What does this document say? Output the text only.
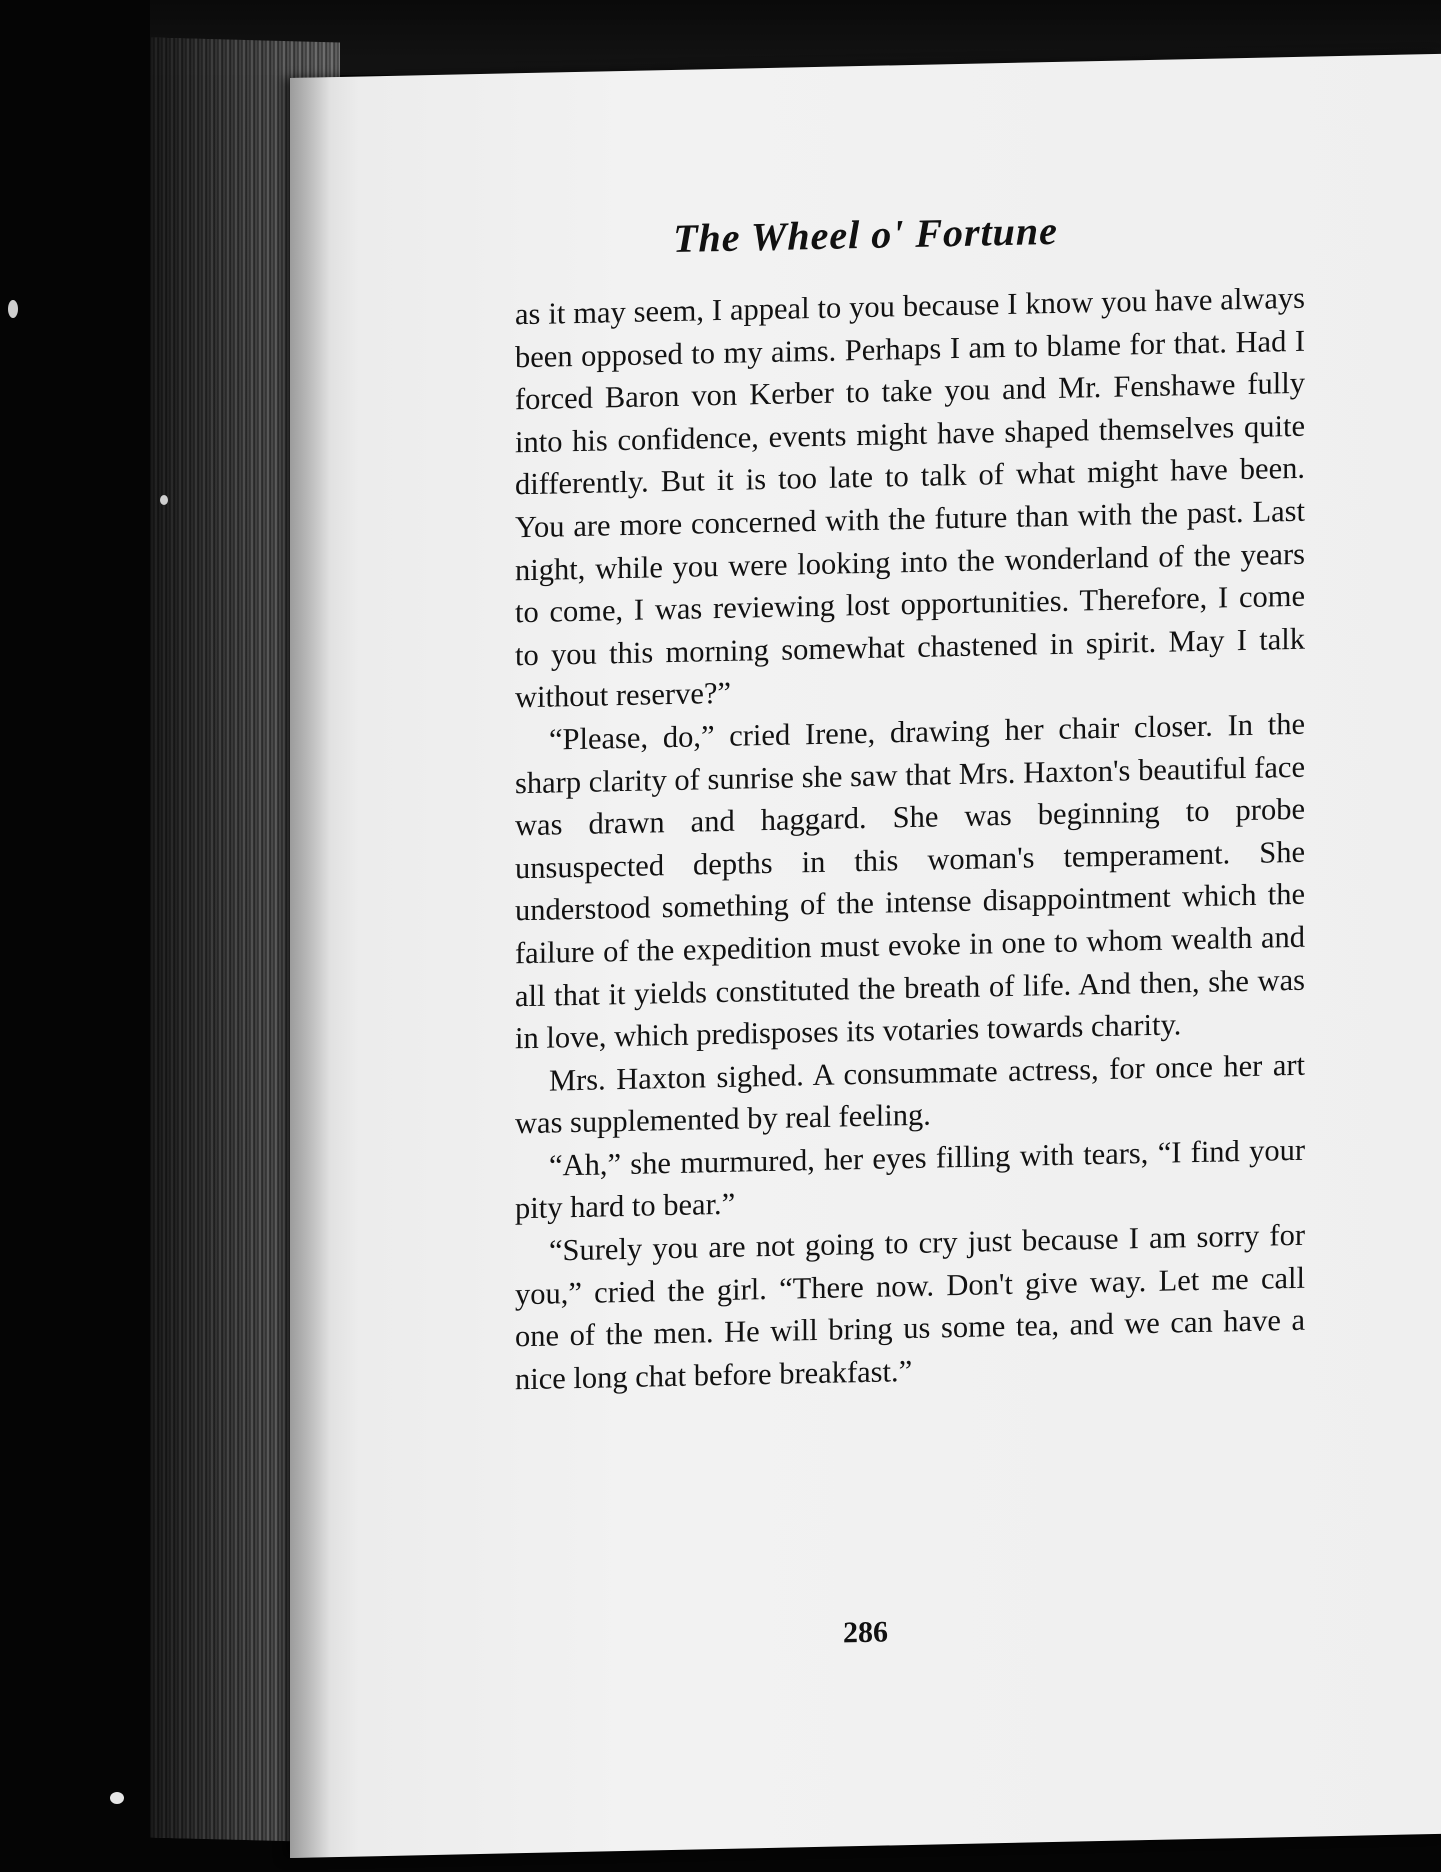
The Wheel o' Fortune

as it may seem, I appeal to you because I know you have always been opposed to my aims. Perhaps I am to blame for that. Had I forced Baron von Kerber to take you and Mr. Fenshawe fully into his confidence, events might have shaped themselves quite differently. But it is too late to talk of what might have been. You are more concerned with the future than with the past. Last night, while you were looking into the wonderland of the years to come, I was reviewing lost opportunities. Therefore, I come to you this morning somewhat chastened in spirit. May I talk without reserve?”

“Please, do,” cried Irene, drawing her chair closer. In the sharp clarity of sunrise she saw that Mrs. Haxton's beautiful face was drawn and haggard. She was beginning to probe unsuspected depths in this woman's temperament. She understood something of the intense disappointment which the failure of the expedition must evoke in one to whom wealth and all that it yields constituted the breath of life. And then, she was in love, which predisposes its votaries towards charity.

Mrs. Haxton sighed. A consummate actress, for once her art was supplemented by real feeling.

“Ah,” she murmured, her eyes filling with tears, “I find your pity hard to bear.”

“Surely you are not going to cry just because I am sorry for you,” cried the girl. “There now. Don't give way. Let me call one of the men. He will bring us some tea, and we can have a nice long chat before breakfast.”

286
